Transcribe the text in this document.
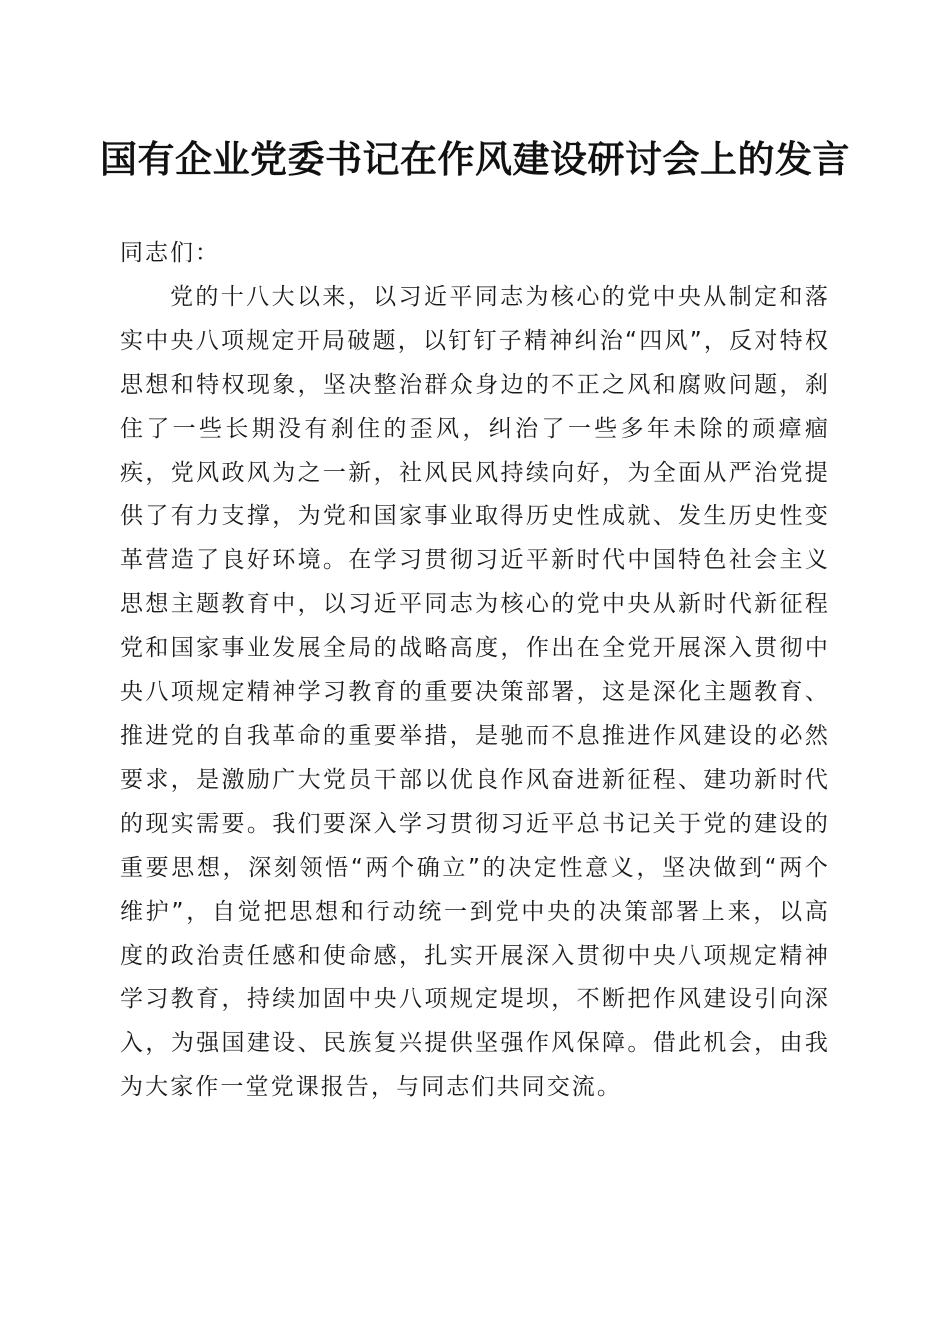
国有企业党委书记在作风建设研讨会上的发言

同志们：

党的十八大以来，以习近平同志为核心的党中央从制定和落实中央八项规定开局破题，以钉钉子精神纠治“四风”，反对特权思想和特权现象，坚决整治群众身边的不正之风和腐败问题，刹住了一些长期没有刹住的歪风，纠治了一些多年未除的顽瘴痼疾，党风政风为之一新，社风民风持续向好，为全面从严治党提供了有力支撑，为党和国家事业取得历史性成就、发生历史性变革营造了良好环境。在学习贯彻习近平新时代中国特色社会主义思想主题教育中，以习近平同志为核心的党中央从新时代新征程党和国家事业发展全局的战略高度，作出在全党开展深入贯彻中央八项规定精神学习教育的重要决策部署，这是深化主题教育、推进党的自我革命的重要举措，是驰而不息推进作风建设的必然要求，是激励广大党员干部以优良作风奋进新征程、建功新时代的现实需要。我们要深入学习贯彻习近平总书记关于党的建设的重要思想，深刻领悟“两个确立”的决定性意义，坚决做到“两个维护”，自觉把思想和行动统一到党中央的决策部署上来，以高度的政治责任感和使命感，扎实开展深入贯彻中央八项规定精神学习教育，持续加固中央八项规定堤坝，不断把作风建设引向深入，为强国建设、民族复兴提供坚强作风保障。借此机会，由我为大家作一堂党课报告，与同志们共同交流。
